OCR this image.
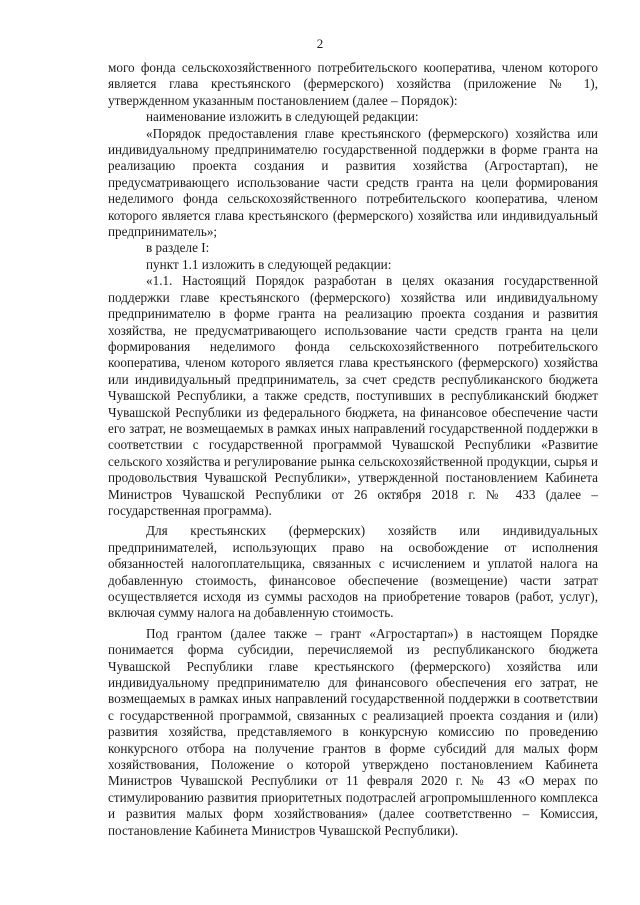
2

мого фонда сельскохозяйственного потребительского кооператива, членом которого является глава крестьянского (фермерского) хозяйства (приложение № 1), утвержденном указанным постановлением (далее – Порядок):

наименование изложить в следующей редакции:

«Порядок предоставления главе крестьянского (фермерского) хозяйства или индивидуальному предпринимателю государственной поддержки в форме гранта на реализацию проекта создания и развития хозяйства (Агростартап), не предусматривающего использование части средств гранта на цели формирования неделимого фонда сельскохозяйственного потребительского кооператива, членом которого является глава крестьянского (фермерского) хозяйства или индивидуальный предприниматель»;

в разделе I:

пункт 1.1 изложить в следующей редакции:

«1.1. Настоящий Порядок разработан в целях оказания государственной поддержки главе крестьянского (фермерского) хозяйства или индивидуальному предпринимателю в форме гранта на реализацию проекта создания и развития хозяйства, не предусматривающего использование части средств гранта на цели формирования неделимого фонда сельскохозяйственного потребительского кооператива, членом которого является глава крестьянского (фермерского) хозяйства или индивидуальный предприниматель, за счет средств республиканского бюджета Чувашской Республики, а также средств, поступивших в республиканский бюджет Чувашской Республики из федерального бюджета, на финансовое обеспечение части его затрат, не возмещаемых в рамках иных направлений государственной поддержки в соответствии с государственной программой Чувашской Республики «Развитие сельского хозяйства и регулирование рынка сельскохозяйственной продукции, сырья и продовольствия Чувашской Республики», утвержденной постановлением Кабинета Министров Чувашской Республики от 26 октября 2018 г. № 433 (далее – государственная программа).

Для крестьянских (фермерских) хозяйств или индивидуальных предпринимателей, использующих право на освобождение от исполнения обязанностей налогоплательщика, связанных с исчислением и уплатой налога на добавленную стоимость, финансовое обеспечение (возмещение) части затрат осуществляется исходя из суммы расходов на приобретение товаров (работ, услуг), включая сумму налога на добавленную стоимость.

Под грантом (далее также – грант «Агростартап») в настоящем Порядке понимается форма субсидии, перечисляемой из республиканского бюджета Чувашской Республики главе крестьянского (фермерского) хозяйства или индивидуальному предпринимателю для финансового обеспечения его затрат, не возмещаемых в рамках иных направлений государственной поддержки в соответствии с государственной программой, связанных с реализацией проекта создания и (или) развития хозяйства, представляемого в конкурсную комиссию по проведению конкурсного отбора на получение грантов в форме субсидий для малых форм хозяйствования, Положение о которой утверждено постановлением Кабинета Министров Чувашской Республики от 11 февраля 2020 г. № 43 «О мерах по стимулированию развития приоритетных подотраслей агропромышленного комплекса и развития малых форм хозяйствования» (далее соответственно – Комиссия, постановление Кабинета Министров Чувашской Республики).
